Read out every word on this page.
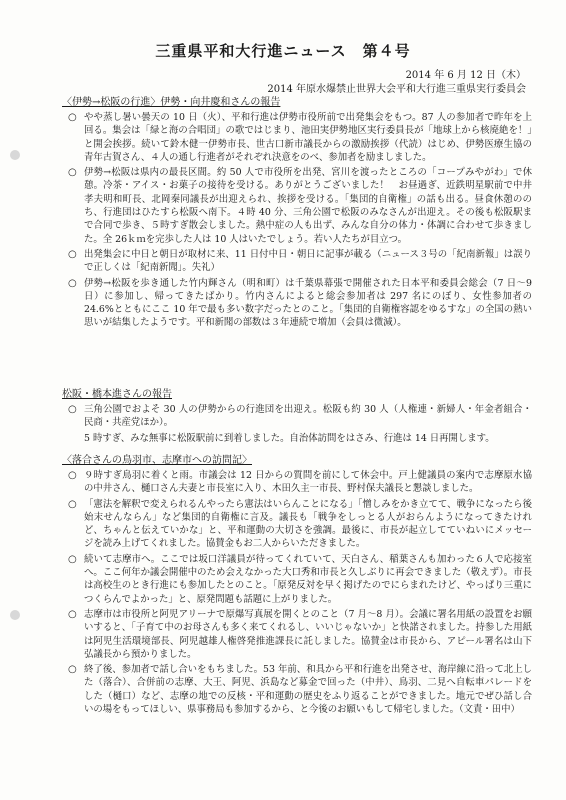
三重県平和大行進ニュース　第４号
2014 年 6 月 12 日（木）
2014 年原水爆禁止世界大会平和大行進三重県実行委員会
〈伊勢→松阪の行進〉伊勢・向井慶和さんの報告
○ やや蒸し暑い曇天の 10 日（火）、平和行進は伊勢市役所前で出発集会をもつ。87 人の参加者で昨年を上回る。集会は「緑と海の合唱団」の歌ではじまり、池田実伊勢地区実行委員長が「地球上から核廃絶を！」と開会挨拶。続いて鈴木健一伊勢市長、世古口新市議長からの激励挨拶（代読）はじめ、伊勢医療生協の青年古賀さん、４人の通し行進者がそれぞれ決意をのべ、参加者を励ましました。
○ 伊勢→松阪は県内の最長区間。約 50 人で市役所を出発、宮川を渡ったところの「コープみやがわ」で休憩。冷茶・アイス・お菓子の接待を受ける。ありがとうございました！　お昼過ぎ、近鉄明星駅前で中井孝夫明和町長、北岡秦同議長が出迎えられ、挨拶を受ける。「集団的自衛権」の話も出る。昼食休憩ののち、行進団はひたすら松阪へ南下。４時 40 分、三角公園で松阪のみなさんが出迎え。その後も松阪駅まで合同で歩き、５時すぎ散会しました。熱中症の人も出ず、みんな自分の体力・体調に合わせて歩きました。全 26ｋｍを完歩した人は 10 人はいたでしょう。若い人たちが目立つ。
○ 出発集会に中日と朝日が取材に来、11 日付中日・朝日に記事が載る（ニュース３号の「紀南新報」は誤りで正しくは「紀南新聞」。失礼）
○ 伊勢→松阪を歩き通した竹内輝さん（明和町）は千葉県幕張で開催された日本平和委員会総会（7 日～9 日）に参加し、帰ってきたばかり。竹内さんによると総会参加者は 297 名にのぼり、女性参加者の 24.6%とともにここ 10 年で最も多い数字だったとのこと。「集団的自衛権容認をゆるすな」の全国の熱い思いが結集したようです。平和新聞の部数は３年連続で増加（会員は微減）。
松阪・橋本進さんの報告
○ 三角公園でおよそ 30 人の伊勢からの行進団を出迎え。松阪も約 30 人（人権連・新婦人・年金者組合・民商・共産党ほか）。
5 時すぎ、みな無事に松阪駅前に到着しました。自治体訪問をはさみ、行進は 14 日再開します。
〈落合さんの鳥羽市、志摩市への訪問記〉
○ ９時すぎ鳥羽に着くと雨。市議会は 12 日からの質問を前にして休会中。戸上健議員の案内で志摩原水協の中井さん、樋口さん夫妻と市長室に入り、木田久主一市長、野村保夫議長と懇談しました。
○ 「憲法を解釈で変えられるんやったら憲法はいらんことになる」「憎しみをかき立てて、戦争になったら後始末せんならん」など集団的自衛権に言及。議長も「戦争をしっとる人がおらんようになってきたけれど、ちゃんと伝えていかな」と、平和運動の大切さを強調。最後に、市長が起立してていねいにメッセージを読み上げてくれました。協賛金もお二人からいただきました。
○ 続いて志摩市へ。ここでは坂口洋議員が待ってくれていて、天白さん、稲葉さんも加わった６人で応接室へ。ここ何年か議会開催中のため会えなかった大口秀和市長と久しぶりに再会できました（敬えず）。市長は高校生のとき行進にも参加したとのこと。「原発反対を早く掲げたのでにらまれたけど、やっぱり三重につくらんでよかった」と、原発問題も話題に上がりました。
○ 志摩市は市役所と阿児アリーナで原爆写真展を開くとのこと（7 月～8 月）。会議に署名用紙の設置をお願いすると、「子育て中のお母さんも多く来てくれるし、いいじゃないか」と快諾されました。持参した用紙は阿児生活環境部長、阿児越雄人権啓発推進課長に託しました。協賛金は市長から、アピール署名は山下弘議長から預かりました。
○ 終了後、参加者で話し合いをもちました。53 年前、和具から平和行進を出発させ、海岸線に沿って北上した（落合）、合併前の志摩、大王、阿児、浜島など募金で回った（中井）、鳥羽、二見へ自転車パレードをした（樋口）など、志摩の地での反核・平和運動の歴史をふり返ることができました。地元でぜひ話し合いの場をもってほしい、県事務局も参加するから、と今後のお願いもして帰宅しました。（文責・田中）
